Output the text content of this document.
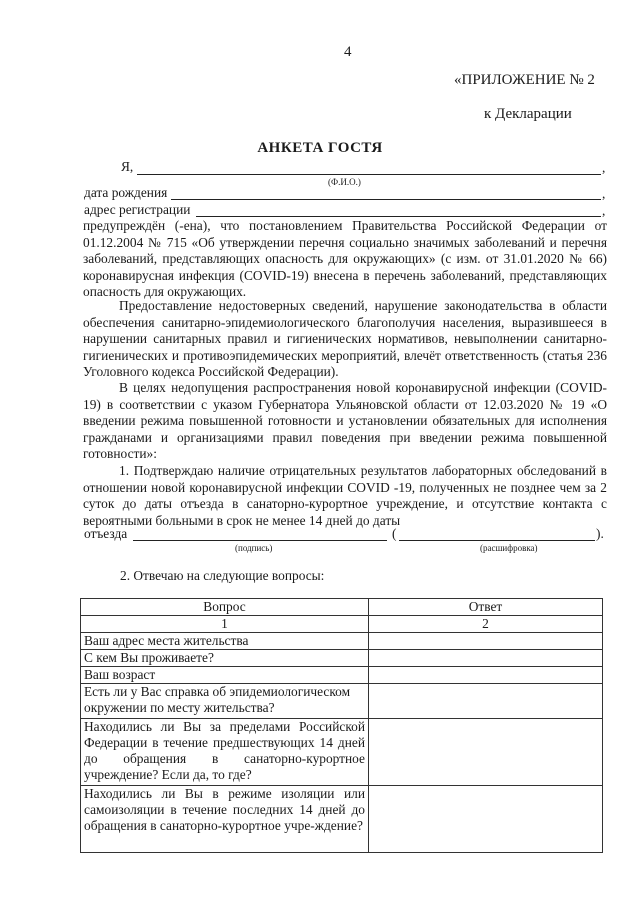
4
«ПРИЛОЖЕНИЕ № 2
к Декларации
АНКЕТА ГОСТЯ
Я,	,
(Ф.И.О.)
дата рождения	,
адрес регистрации	,
предупреждён (-ена), что постановлением Правительства Российской Федерации от 01.12.2004 № 715 «Об утверждении перечня социально значимых заболеваний и перечня заболеваний, представляющих опасность для окружающих» (с изм. от 31.01.2020 № 66) коронавирусная инфекция (COVID-19) внесена в перечень заболеваний, представляющих опасность для окружающих.
Предоставление недостоверных сведений, нарушение законодательства в области обеспечения санитарно-эпидемиологического благополучия населения, выразившееся в нарушении санитарных правил и гигиенических нормативов, невыполнении санитарно-гигиенических и противоэпидемических мероприятий, влечёт ответственность (статья 236 Уголовного кодекса Российской Федерации).
В целях недопущения распространения новой коронавирусной инфекции (COVID-19) в соответствии с указом Губернатора Ульяновской области от 12.03.2020 № 19 «О введении режима повышенной готовности и установлении обязательных для исполнения гражданами и организациями правил поведения при введении режима повышенной готовности»:
1. Подтверждаю наличие отрицательных результатов лабораторных обследований в отношении новой коронавирусной инфекции COVID -19, полученных не позднее чем за 2 суток до даты отъезда в санаторно-курортное учреждение, и отсутствие контакта с вероятными больными в срок не менее 14 дней до даты
отъезда	(	).
(подпись)	(расшифровка)
2. Отвечаю на следующие вопросы:
Вопрос	Ответ
1	2
Ваш адрес места жительства	
С кем Вы проживаете?	
Ваш возраст	
Есть ли у Вас справка об эпидемиологическом окружении по месту жительства?	
Находились ли Вы за пределами Российской Федерации в течение предшествующих 14 дней до обращения в санаторно-курортное учреждение? Если да, то где?	
Находились ли Вы в режиме изоляции или самоизоляции в течение последних 14 дней до обращения в санаторно-курортное учре-ждение?	
